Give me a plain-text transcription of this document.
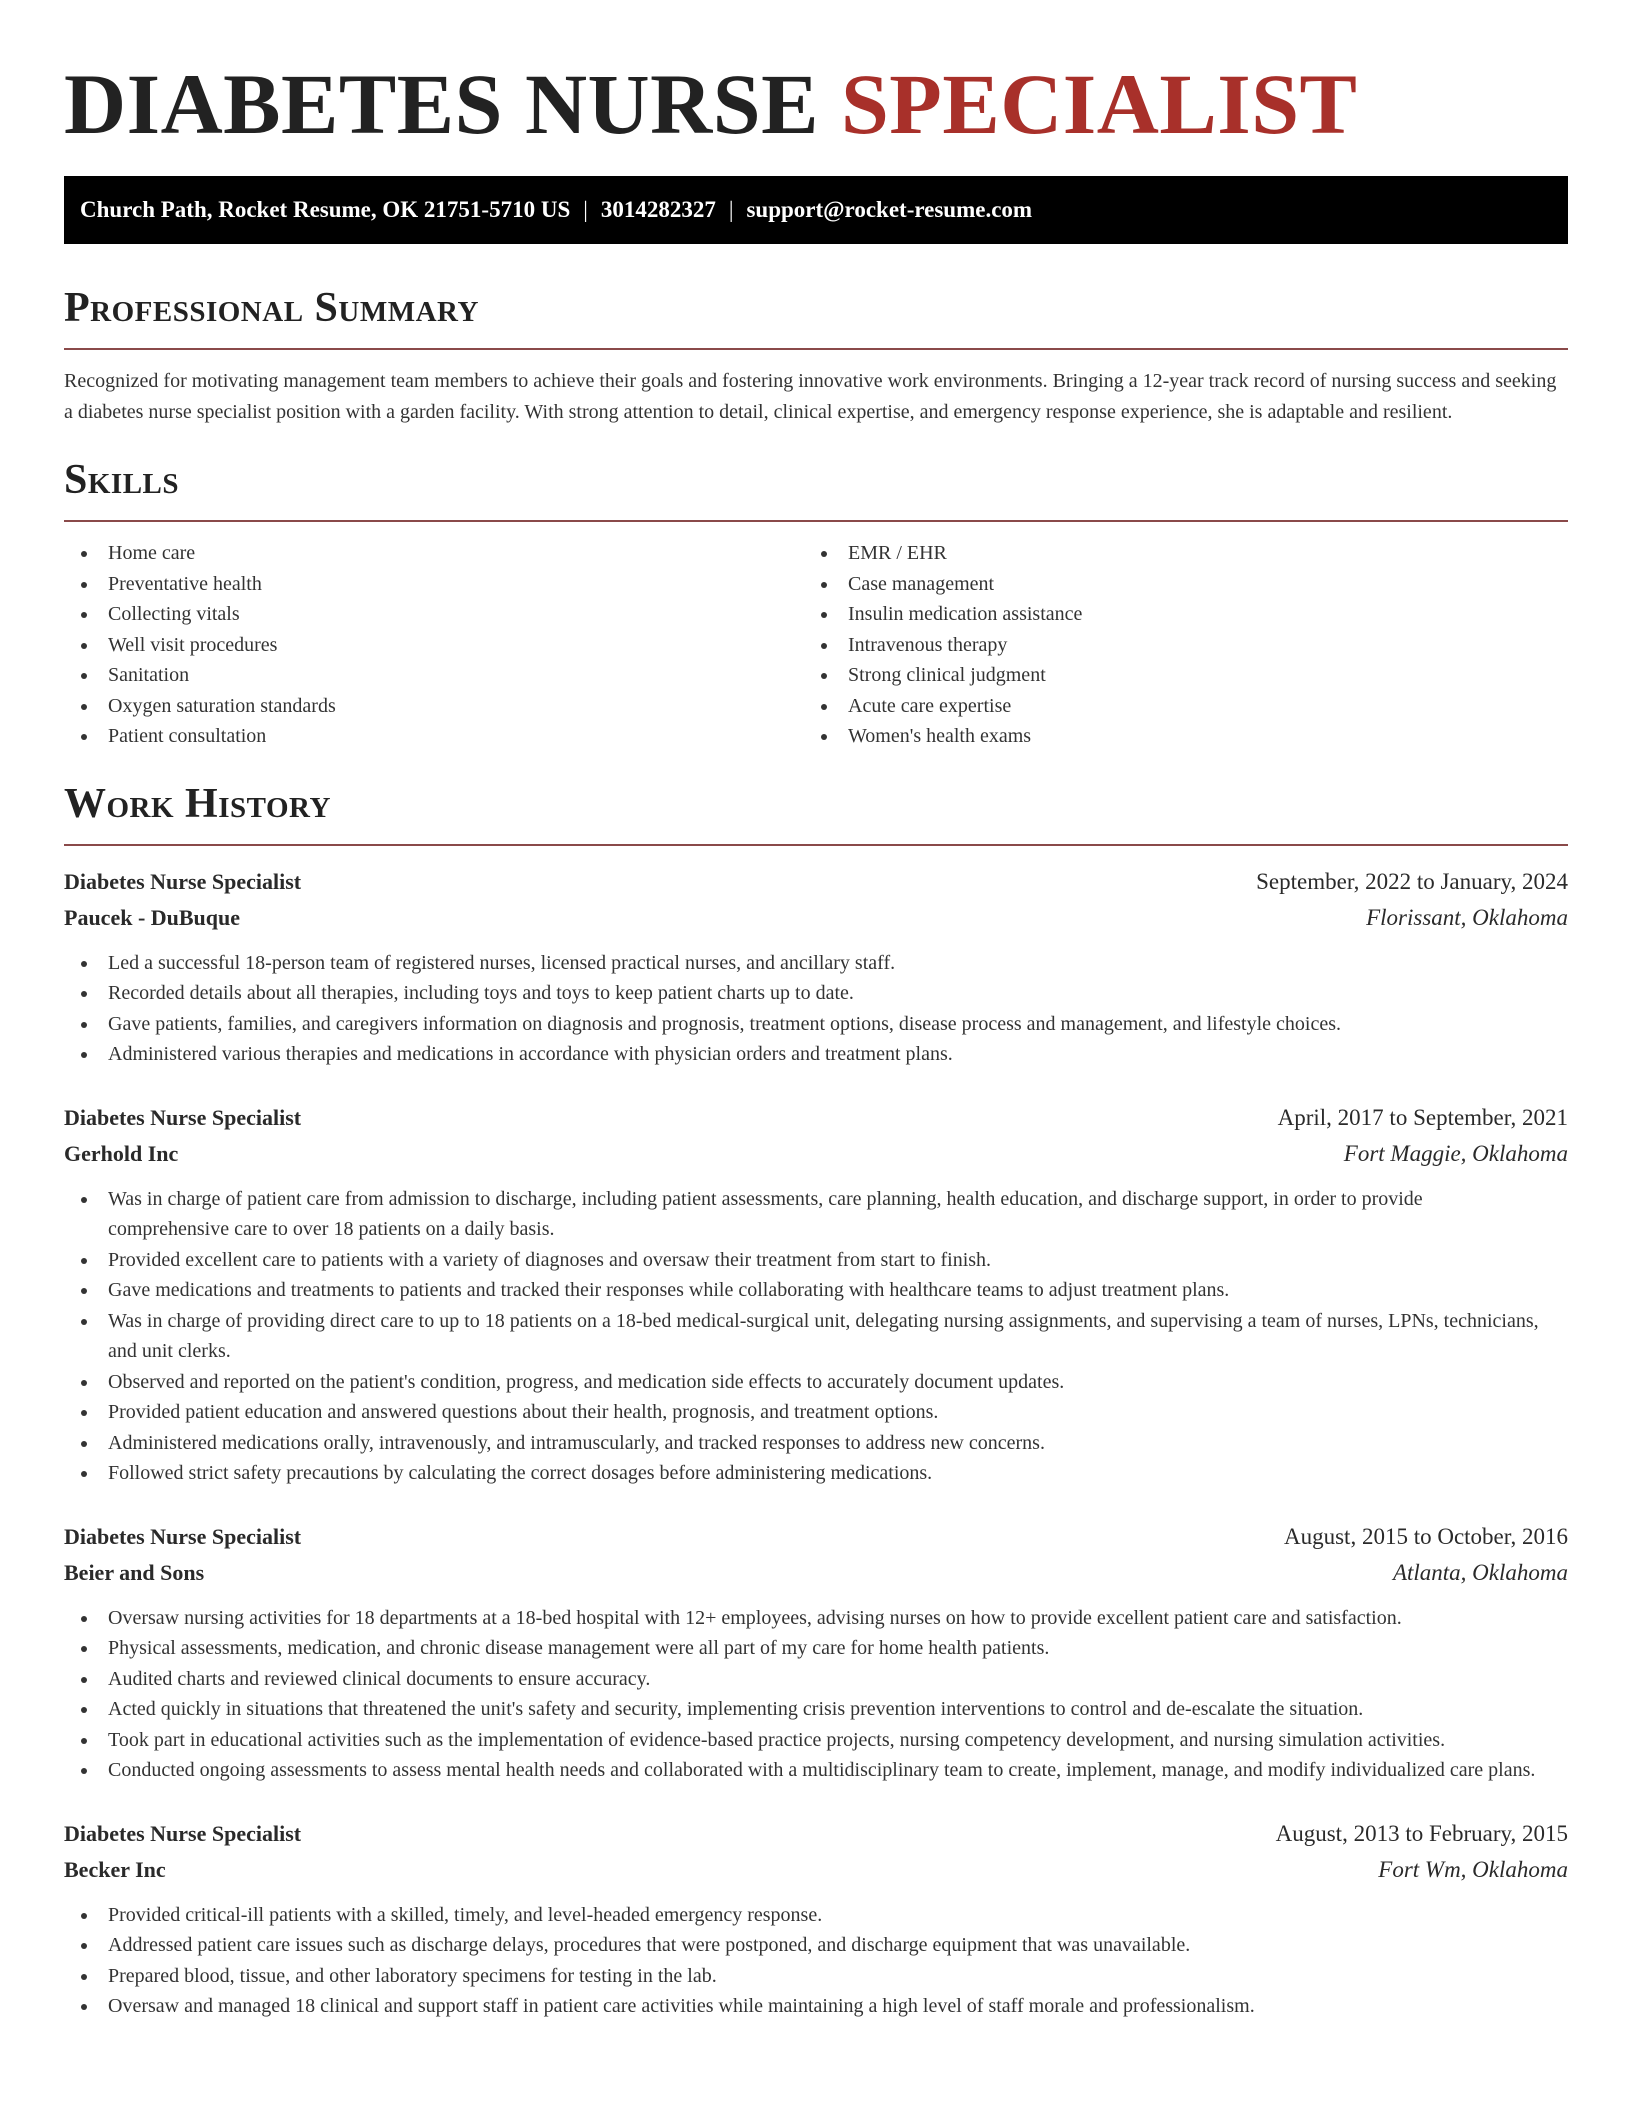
DIABETES NURSE SPECIALIST
Church Path, Rocket Resume, OK 21751-5710 US | 3014282327 | support@rocket-resume.com
Professional Summary

Recognized for motivating management team members to achieve their goals and fostering innovative work environments. Bringing a 12-year track record of nursing success and seeking a diabetes nurse specialist position with a garden facility. With strong attention to detail, clinical expertise, and emergency response experience, she is adaptable and resilient.

Skills
Home care
Preventative health
Collecting vitals
Well visit procedures
Sanitation
Oxygen saturation standards
Patient consultation
EMR / EHR
Case management
Insulin medication assistance
Intravenous therapy
Strong clinical judgment
Acute care expertise
Women's health exams
Work History
Diabetes Nurse Specialist	September, 2022 to January, 2024
Paucek - DuBuque	Florissant, Oklahoma
Led a successful 18-person team of registered nurses, licensed practical nurses, and ancillary staff.
Recorded details about all therapies, including toys and toys to keep patient charts up to date.
Gave patients, families, and caregivers information on diagnosis and prognosis, treatment options, disease process and management, and lifestyle choices.
Administered various therapies and medications in accordance with physician orders and treatment plans.
Diabetes Nurse Specialist	April, 2017 to September, 2021
Gerhold Inc	Fort Maggie, Oklahoma
Was in charge of patient care from admission to discharge, including patient assessments, care planning, health education, and discharge support, in order to provide comprehensive care to over 18 patients on a daily basis.
Provided excellent care to patients with a variety of diagnoses and oversaw their treatment from start to finish.
Gave medications and treatments to patients and tracked their responses while collaborating with healthcare teams to adjust treatment plans.
Was in charge of providing direct care to up to 18 patients on a 18-bed medical-surgical unit, delegating nursing assignments, and supervising a team of nurses, LPNs, technicians, and unit clerks.
Observed and reported on the patient's condition, progress, and medication side effects to accurately document updates.
Provided patient education and answered questions about their health, prognosis, and treatment options.
Administered medications orally, intravenously, and intramuscularly, and tracked responses to address new concerns.
Followed strict safety precautions by calculating the correct dosages before administering medications.
Diabetes Nurse Specialist	August, 2015 to October, 2016
Beier and Sons	Atlanta, Oklahoma
Oversaw nursing activities for 18 departments at a 18-bed hospital with 12+ employees, advising nurses on how to provide excellent patient care and satisfaction.
Physical assessments, medication, and chronic disease management were all part of my care for home health patients.
Audited charts and reviewed clinical documents to ensure accuracy.
Acted quickly in situations that threatened the unit's safety and security, implementing crisis prevention interventions to control and de-escalate the situation.
Took part in educational activities such as the implementation of evidence-based practice projects, nursing competency development, and nursing simulation activities.
Conducted ongoing assessments to assess mental health needs and collaborated with a multidisciplinary team to create, implement, manage, and modify individualized care plans.
Diabetes Nurse Specialist	August, 2013 to February, 2015
Becker Inc	Fort Wm, Oklahoma
Provided critical-ill patients with a skilled, timely, and level-headed emergency response.
Addressed patient care issues such as discharge delays, procedures that were postponed, and discharge equipment that was unavailable.
Prepared blood, tissue, and other laboratory specimens for testing in the lab.
Oversaw and managed 18 clinical and support staff in patient care activities while maintaining a high level of staff morale and professionalism.
